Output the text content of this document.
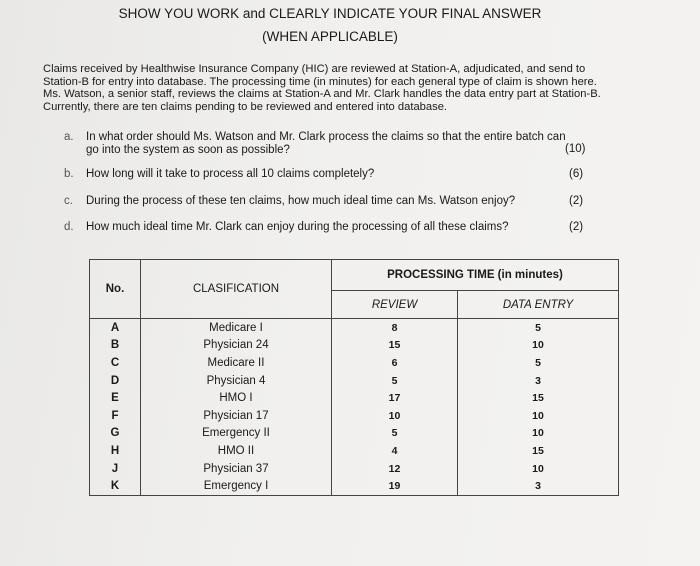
SHOW YOU WORK and CLEARLY INDICATE YOUR FINAL ANSWER
(WHEN APPLICABLE)
Claims received by Healthwise Insurance Company (HIC) are reviewed at Station-A, adjudicated, and send to Station-B for entry into database. The processing time (in minutes) for each general type of claim is shown here. Ms. Watson, a senior staff, reviews the claims at Station-A and Mr. Clark handles the data entry part at Station-B. Currently, there are ten claims pending to be reviewed and entered into database.
a. In what order should Ms. Watson and Mr. Clark process the claims so that the entire batch can
go into the system as soon as possible?	(10)
b. How long will it take to process all 10 claims completely?	(6)
c. During the process of these ten claims, how much ideal time can Ms. Watson enjoy?	(2)
d. How much ideal time Mr. Clark can enjoy during the processing of all these claims?	(2)
No.	CLASIFICATION	PROCESSING TIME (in minutes)	
		REVIEW	DATA ENTRY
A	Medicare I	8	5
B	Physician 24	15	10
C	Medicare II	6	5
D	Physician 4	5	3
E	HMO I	17	15
F	Physician 17	10	10
G	Emergency II	5	10
H	HMO II	4	15
J	Physician 37	12	10
K	Emergency I	19	3
